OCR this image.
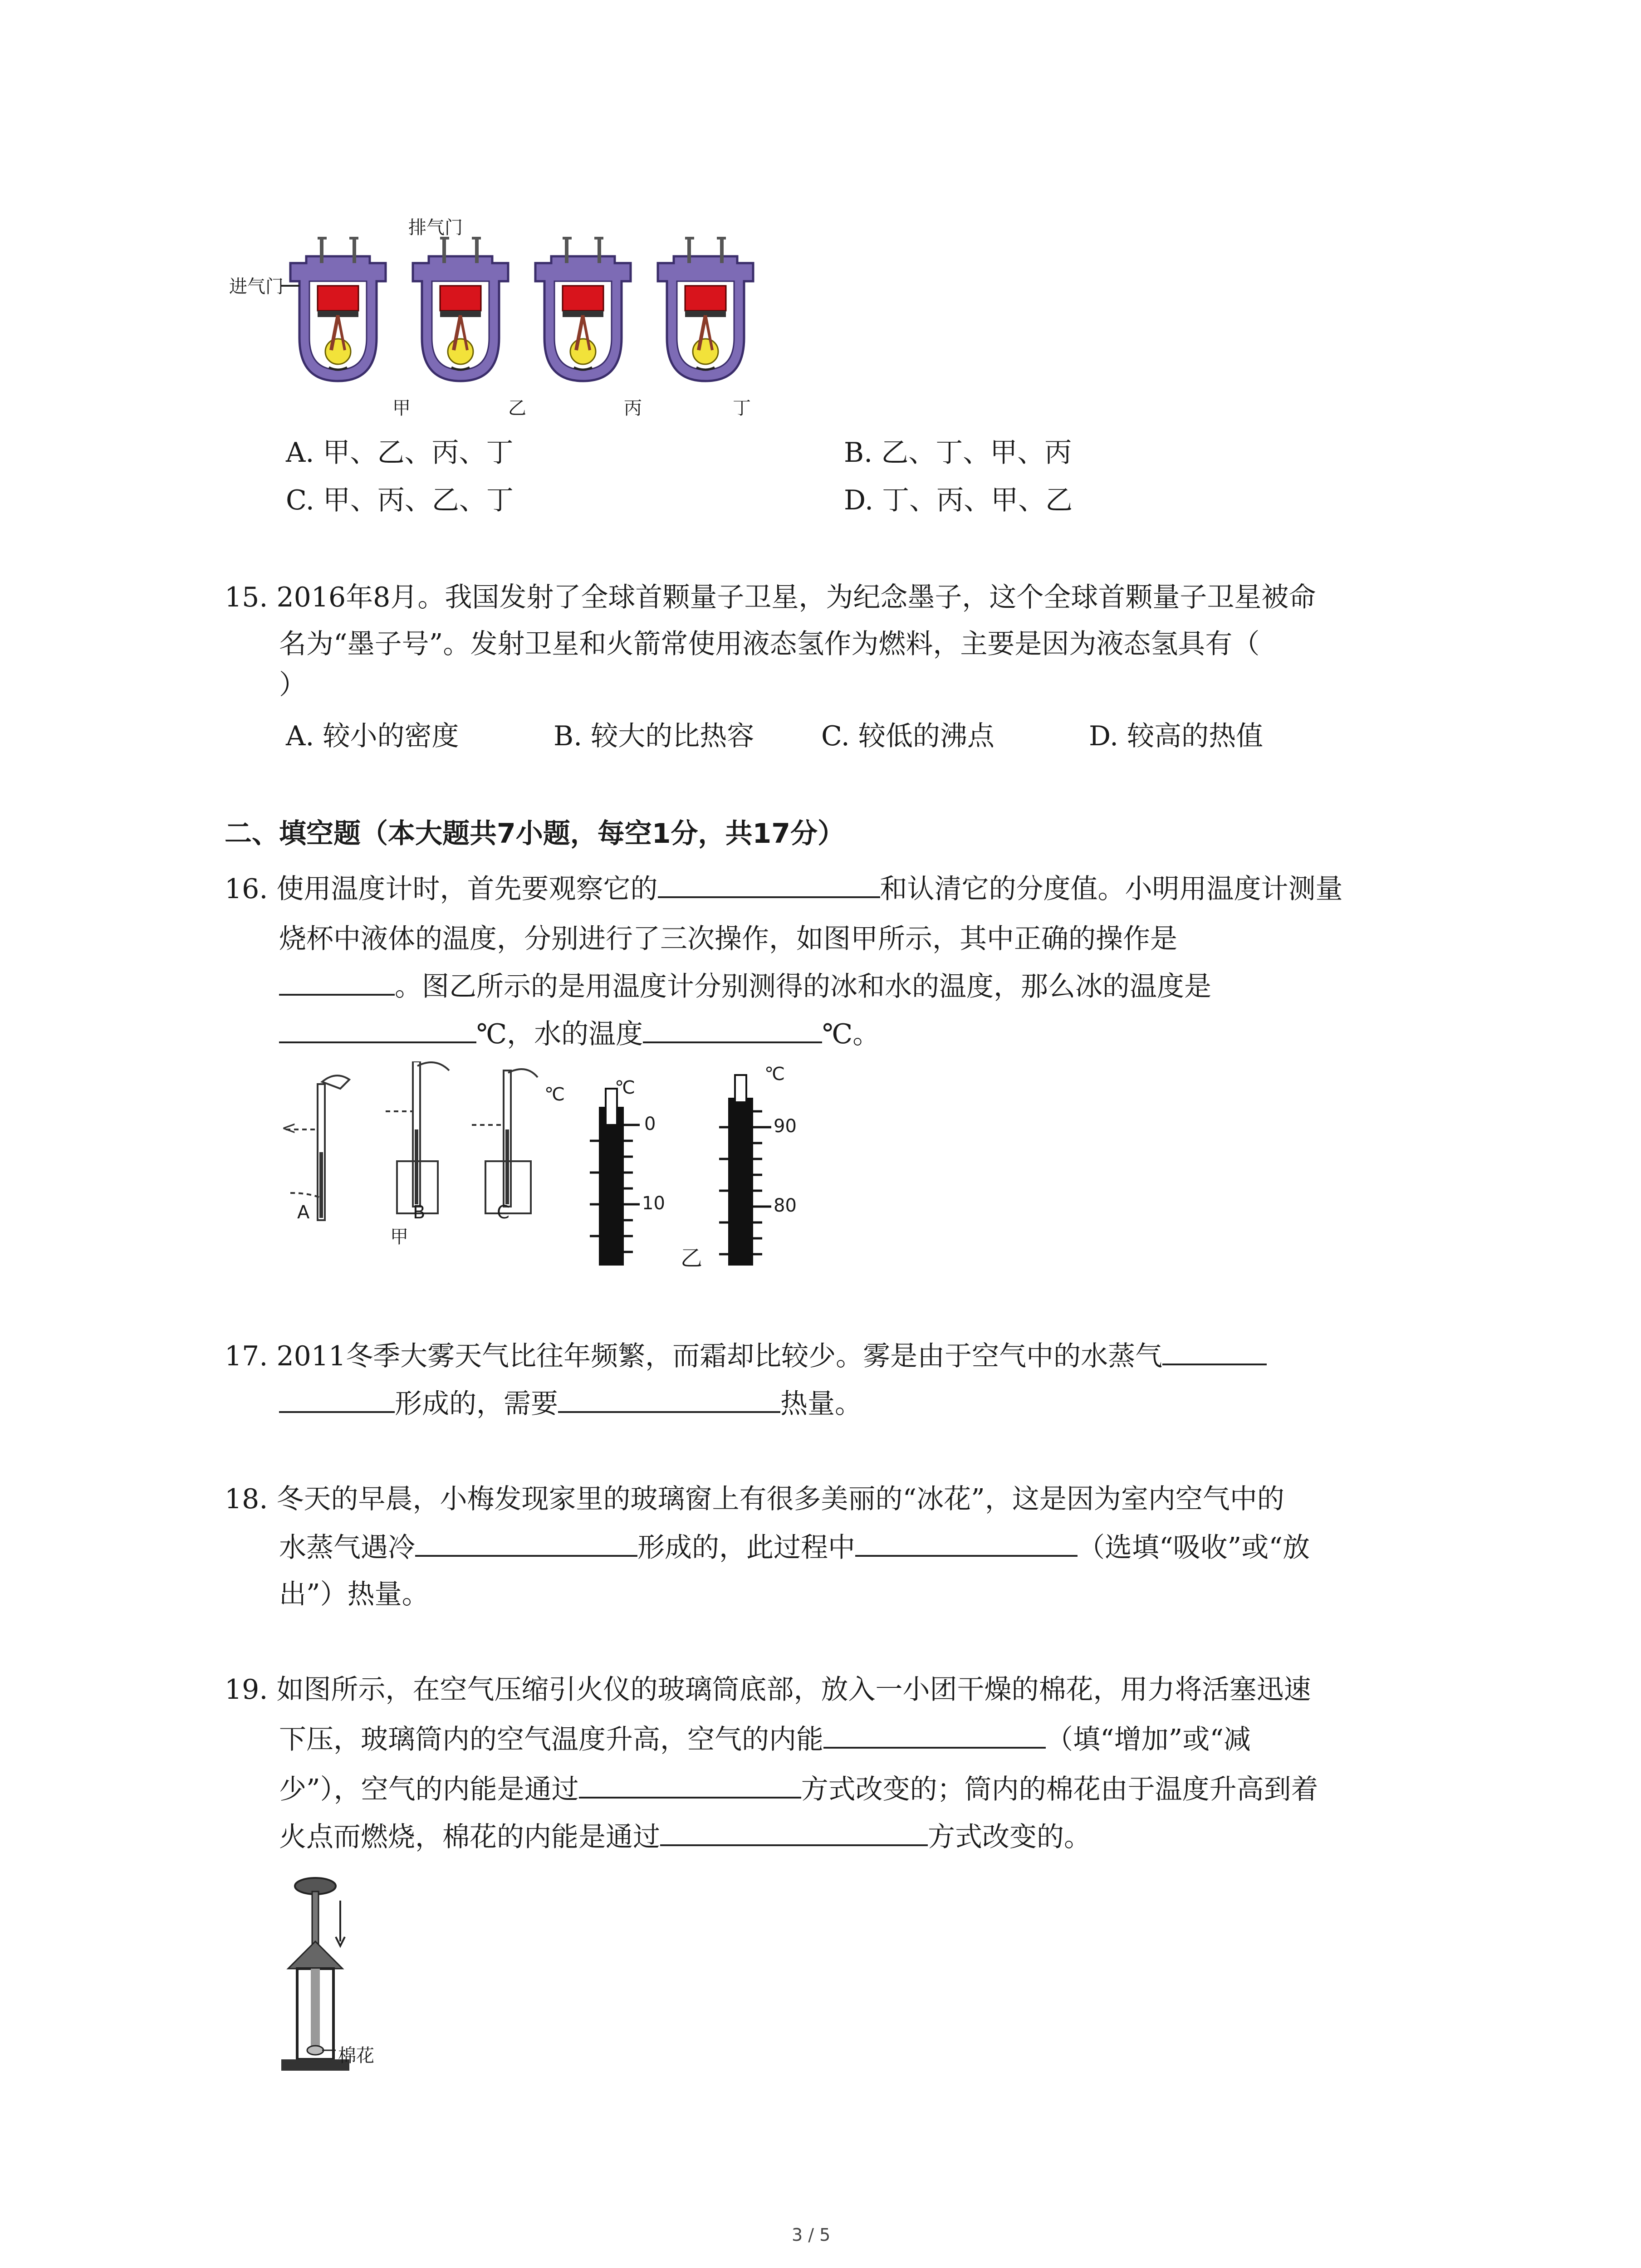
排气门
进气门
甲	乙	丙	丁
A. 甲、乙、丙、丁	B. 乙、丁、甲、丙
C. 甲、丙、乙、丁	D. 丁、丙、甲、乙
15. 2016年8月。我国发射了全球首颗量子卫星，为纪念墨子，这个全球首颗量子卫星被命
名为“墨子号”。发射卫星和火箭常使用液态氢作为燃料，主要是因为液态氢具有（
）
A. 较小的密度	B. 较大的比热容 C. 较低的沸点	D. 较高的热值
二、填空题（本大题共7小题，每空1分，共17分）
16. 使用温度计时，首先要观察它的	和认清它的分度值。小明用温度计测量
烧杯中液体的温度，分别进行了三次操作，如图甲所示，其中正确的操作是
。图乙所示的是用温度计分别测得的冰和水的温度，那么冰的温度是
℃，水的温度	℃。
<
A	B	C
甲
℃	℃
℃
0
10
90
80
乙
17. 2011冬季大雾天气比往年频繁，而霜却比较少。雾是由于空气中的水蒸气
形成的，需要	热量。
18. 冬天的早晨，小梅发现家里的玻璃窗上有很多美丽的“冰花”，这是因为室内空气中的
水蒸气遇冷	形成的，此过程中	（选填“吸收”或“放
出”）热量。
19. 如图所示，在空气压缩引火仪的玻璃筒底部，放入一小团干燥的棉花，用力将活塞迅速
下压，玻璃筒内的空气温度升高，空气的内能	（填“增加”或“减
少”），空气的内能是通过	方式改变的；筒内的棉花由于温度升高到着
火点而燃烧，棉花的内能是通过	方式改变的。
棉花
3 / 5
